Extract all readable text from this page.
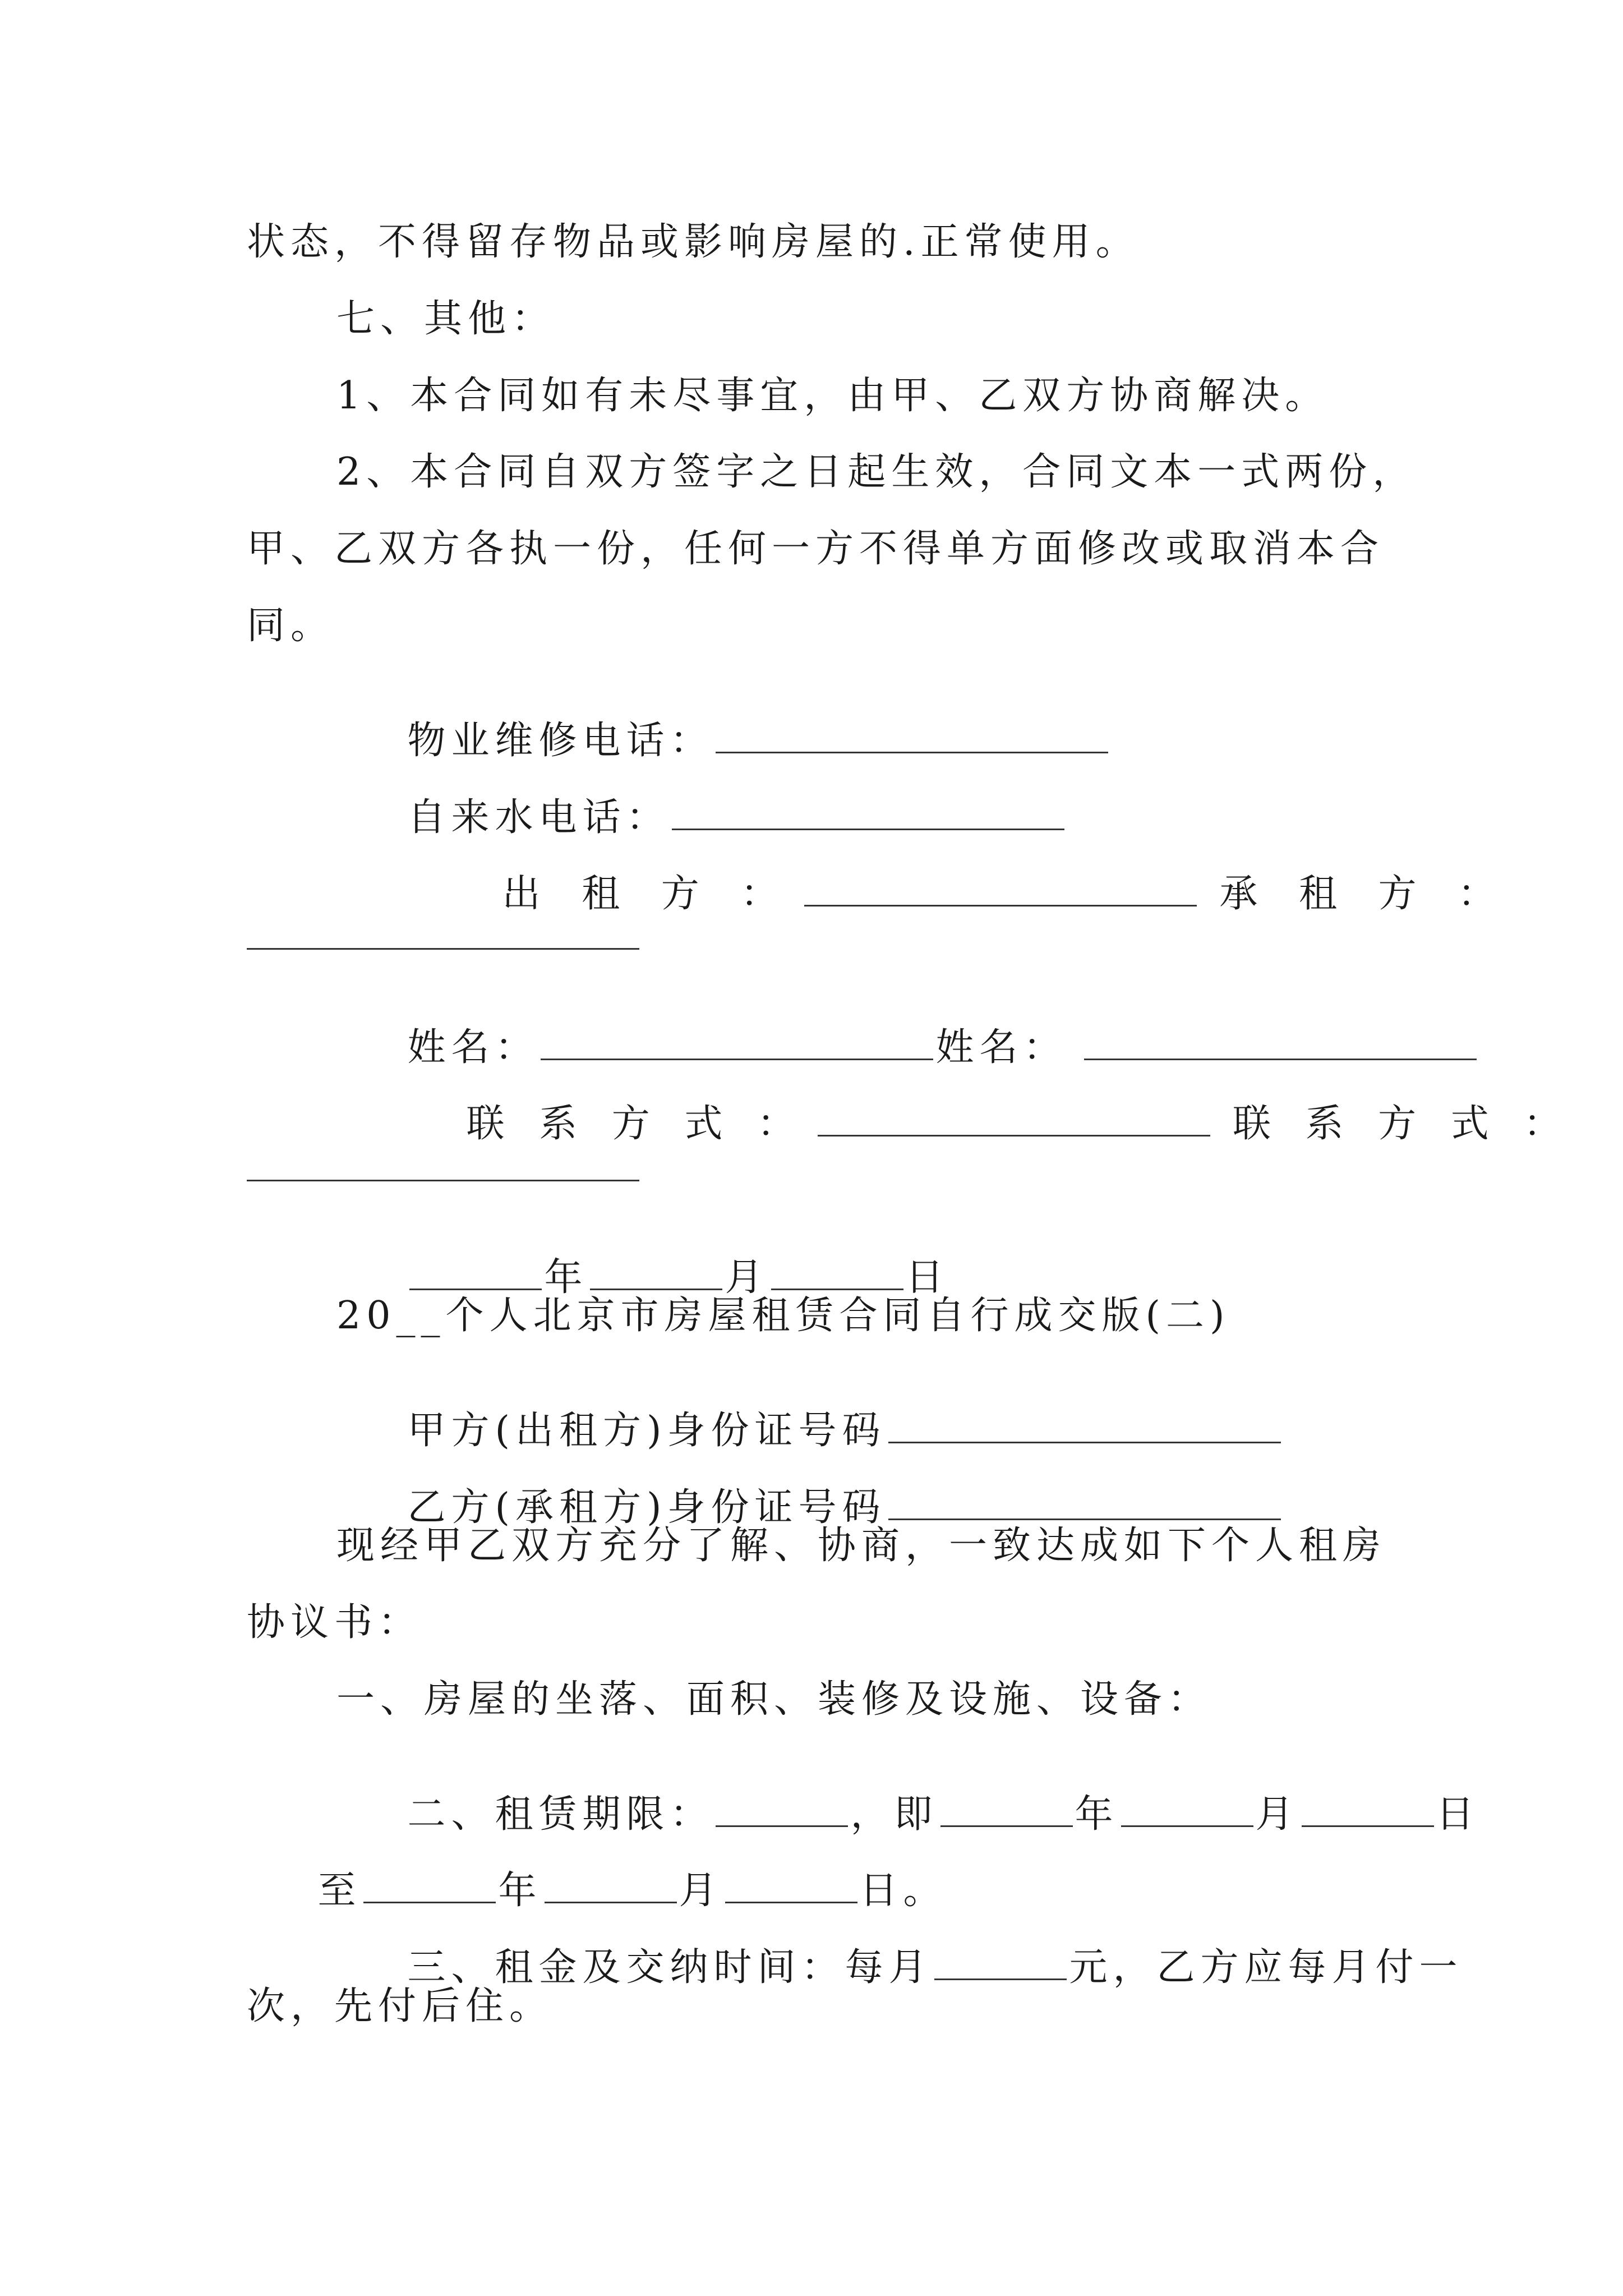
状态，不得留存物品或影响房屋的.正常使用。
七、其他：
1、本合同如有未尽事宜，由甲、乙双方协商解决。
2、本合同自双方签字之日起生效，合同文本一式两份，
甲、乙双方各执一份，任何一方不得单方面修改或取消本合
同。

物业维修电话：

自来水电话：

出 租 方 ：	承 租 方 ：

姓名：	姓名：

联 系 方 式 ：	联 系 方 式 ：

年	月	日

20__个人北京市房屋租赁合同自行成交版(二)

甲方(出租方)身份证号码

乙方(承租方)身份证号码

现经甲乙双方充分了解、协商，一致达成如下个人租房
协议书：
一、房屋的坐落、面积、装修及设施、设备：

二、租赁期限：	，即	年	月	日

至	年	月	日。

三、租金及交纳时间：每月	元，乙方应每月付一

次，先付后住。
